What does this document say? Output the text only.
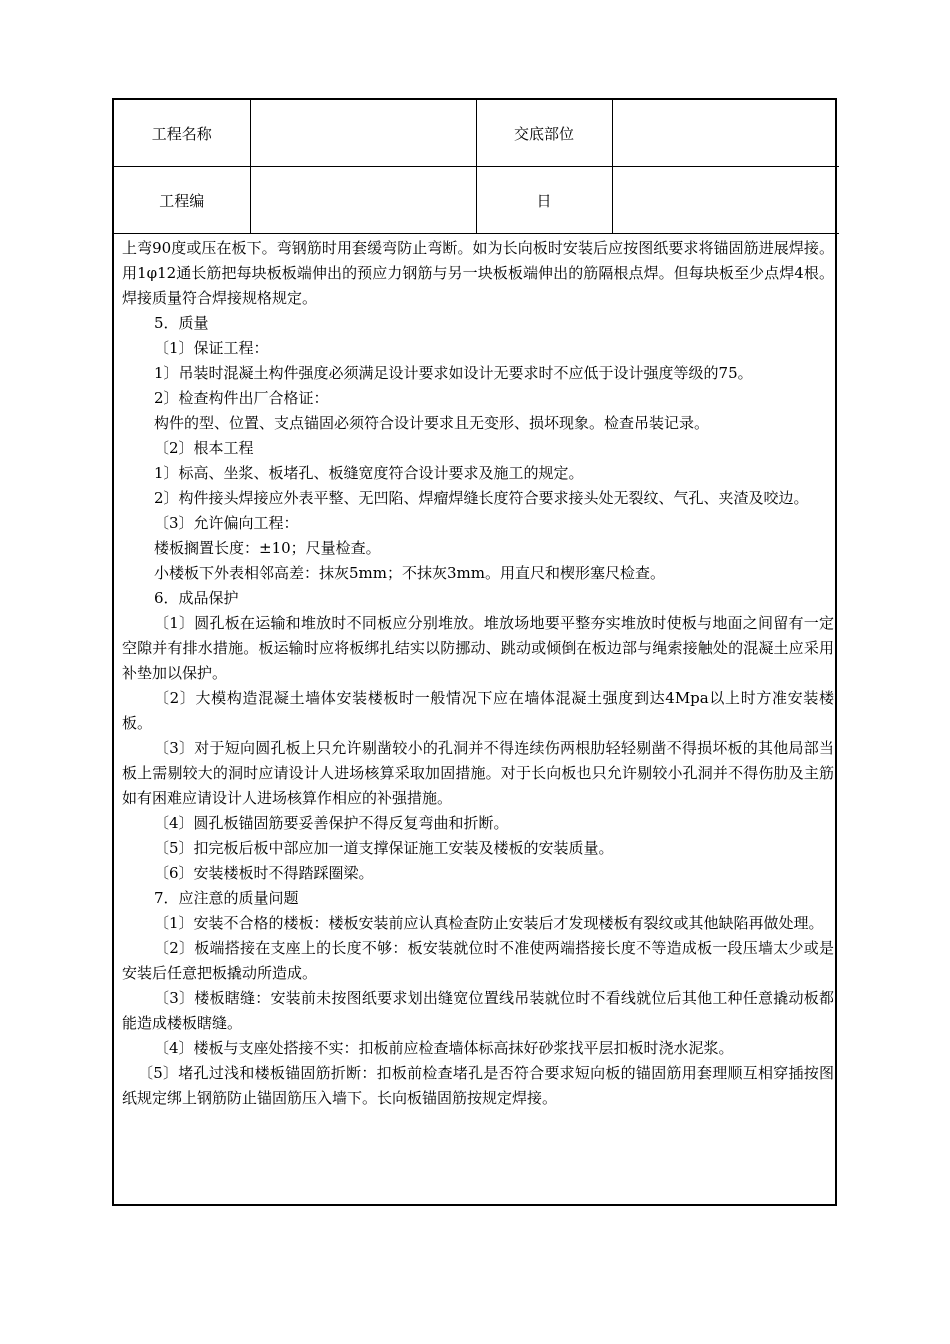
工程名称		交底部位	
工程编		日	

上弯90度或压在板下。弯钢筋时用套缓弯防止弯断。如为长向板时安装后应按图纸要求将锚固筋进展焊接。用1φ12通长筋把每块板板端伸出的预应力钢筋与另一块板板端伸出的筋隔根点焊。但每块板至少点焊4根。焊接质量符合焊接规格规定。

5．质量

〔1〕保证工程：

1〕吊装时混凝土构件强度必须满足设计要求如设计无要求时不应低于设计强度等级的75。

2〕检查构件出厂合格证：

构件的型、位置、支点锚固必须符合设计要求且无变形、损坏现象。检查吊装记录。

〔2〕根本工程

1〕标高、坐浆、板堵孔、板缝宽度符合设计要求及施工的规定。

2〕构件接头焊接应外表平整、无凹陷、焊瘤焊缝长度符合要求接头处无裂纹、气孔、夹渣及咬边。

〔3〕允许偏向工程：

楼板搁置长度：±10；尺量检查。

小楼板下外表相邻高差：抹灰5mm；不抹灰3mm。用直尺和楔形塞尺检查。

6．成品保护

〔1〕圆孔板在运输和堆放时不同板应分别堆放。堆放场地要平整夯实堆放时使板与地面之间留有一定空隙并有排水措施。板运输时应将板绑扎结实以防挪动、跳动或倾倒在板边部与绳索接触处的混凝土应采用补垫加以保护。

〔2〕大模构造混凝土墙体安装楼板时一般情况下应在墙体混凝土强度到达4Mpa以上时方准安装楼板。

〔3〕对于短向圆孔板上只允许剔凿较小的孔洞并不得连续伤两根肋轻轻剔凿不得损坏板的其他局部当板上需剔较大的洞时应请设计人进场核算采取加固措施。对于长向板也只允许剔较小孔洞并不得伤肋及主筋如有困难应请设计人进场核算作相应的补强措施。

〔4〕圆孔板锚固筋要妥善保护不得反复弯曲和折断。

〔5〕扣完板后板中部应加一道支撑保证施工安装及楼板的安装质量。

〔6〕安装楼板时不得踏踩圈梁。

7．应注意的质量问题

〔1〕安装不合格的楼板：楼板安装前应认真检查防止安装后才发现楼板有裂纹或其他缺陷再做处理。

〔2〕板端搭接在支座上的长度不够：板安装就位时不准使两端搭接长度不等造成板一段压墙太少或是安装后任意把板撬动所造成。

〔3〕楼板瞎缝：安装前未按图纸要求划出缝宽位置线吊装就位时不看线就位后其他工种任意撬动板都能造成楼板瞎缝。

〔4〕楼板与支座处搭接不实：扣板前应检查墙体标高抹好砂浆找平层扣板时浇水泥浆。

〔5〕堵孔过浅和楼板锚固筋折断：扣板前检查堵孔是否符合要求短向板的锚固筋用套理顺互相穿插按图纸规定绑上钢筋防止锚固筋压入墙下。长向板锚固筋按规定焊接。
